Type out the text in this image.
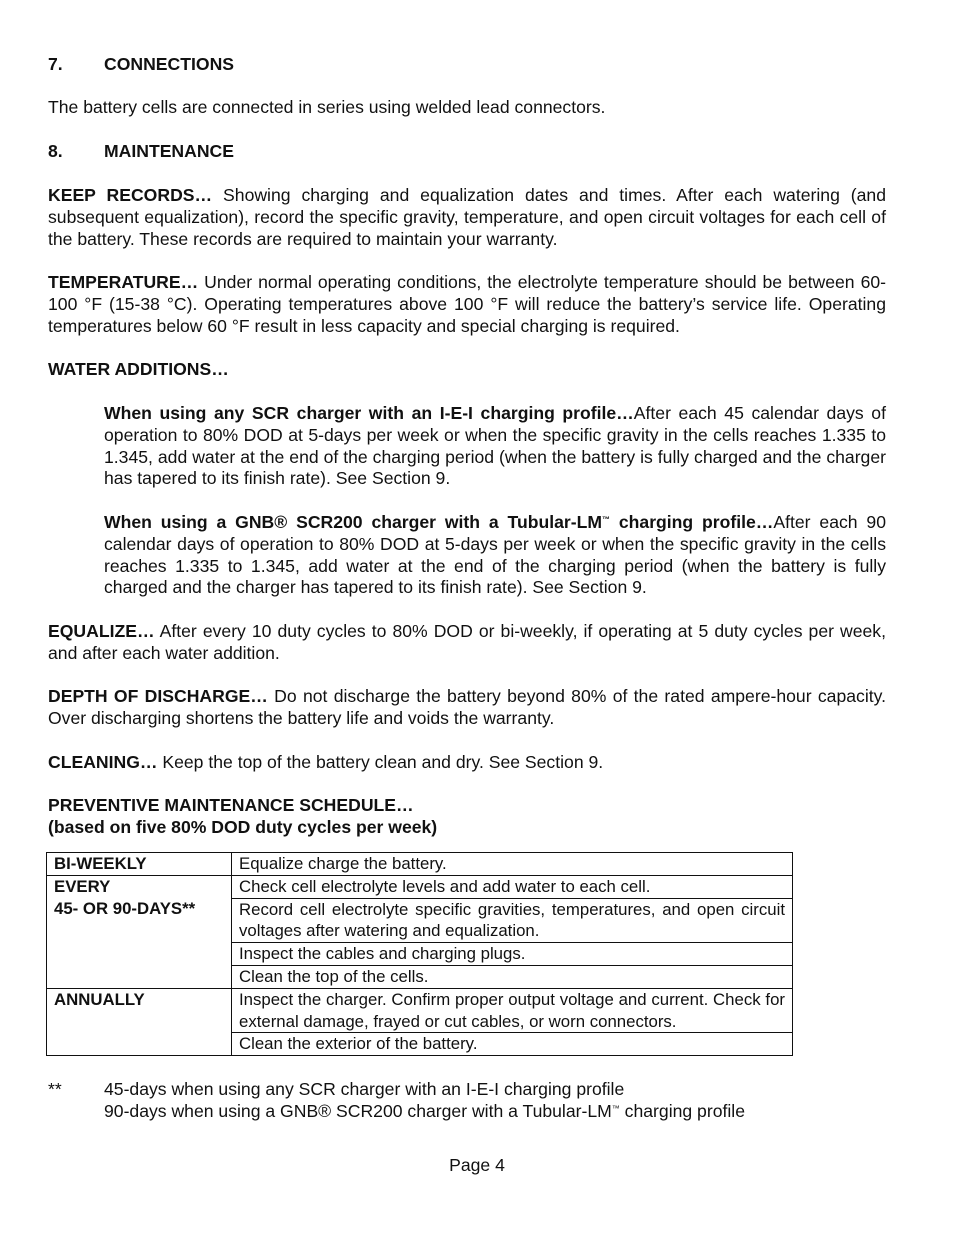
7. CONNECTIONS
The battery cells are connected in series using welded lead connectors.
8. MAINTENANCE
KEEP RECORDS… Showing charging and equalization dates and times. After each watering (and subsequent equalization), record the specific gravity, temperature, and open circuit voltages for each cell of the battery. These records are required to maintain your warranty.
TEMPERATURE… Under normal operating conditions, the electrolyte temperature should be between 60-100 °F (15-38 °C). Operating temperatures above 100 °F will reduce the battery’s service life. Operating temperatures below 60 °F result in less capacity and special charging is required.
WATER ADDITIONS…
When using any SCR charger with an I-E-I charging profile…After each 45 calendar days of operation to 80% DOD at 5-days per week or when the specific gravity in the cells reaches 1.335 to 1.345, add water at the end of the charging period (when the battery is fully charged and the charger has tapered to its finish rate). See Section 9.
When using a GNB® SCR200 charger with a Tubular-LM™ charging profile…After each 90 calendar days of operation to 80% DOD at 5-days per week or when the specific gravity in the cells reaches 1.335 to 1.345, add water at the end of the charging period (when the battery is fully charged and the charger has tapered to its finish rate). See Section 9.
EQUALIZE… After every 10 duty cycles to 80% DOD or bi-weekly, if operating at 5 duty cycles per week, and after each water addition.
DEPTH OF DISCHARGE… Do not discharge the battery beyond 80% of the rated ampere-hour capacity. Over discharging shortens the battery life and voids the warranty.
CLEANING… Keep the top of the battery clean and dry. See Section 9.
PREVENTIVE MAINTENANCE SCHEDULE…
(based on five 80% DOD duty cycles per week)
BI-WEEKLY	Equalize charge the battery.

EVERY
45- OR 90-DAYS**	Check cell electrolyte levels and add water to each cell.
	Record cell electrolyte specific gravities, temperatures, and open circuit voltages after watering and equalization.
	Inspect the cables and charging plugs.
	Clean the top of the cells.
ANNUALLY	Inspect the charger. Confirm proper output voltage and current. Check for external damage, frayed or cut cables, or worn connectors.
	Clean the exterior of the battery.
** 45-days when using any SCR charger with an I-E-I charging profile
90-days when using a GNB® SCR200 charger with a Tubular-LM™ charging profile
Page 4
